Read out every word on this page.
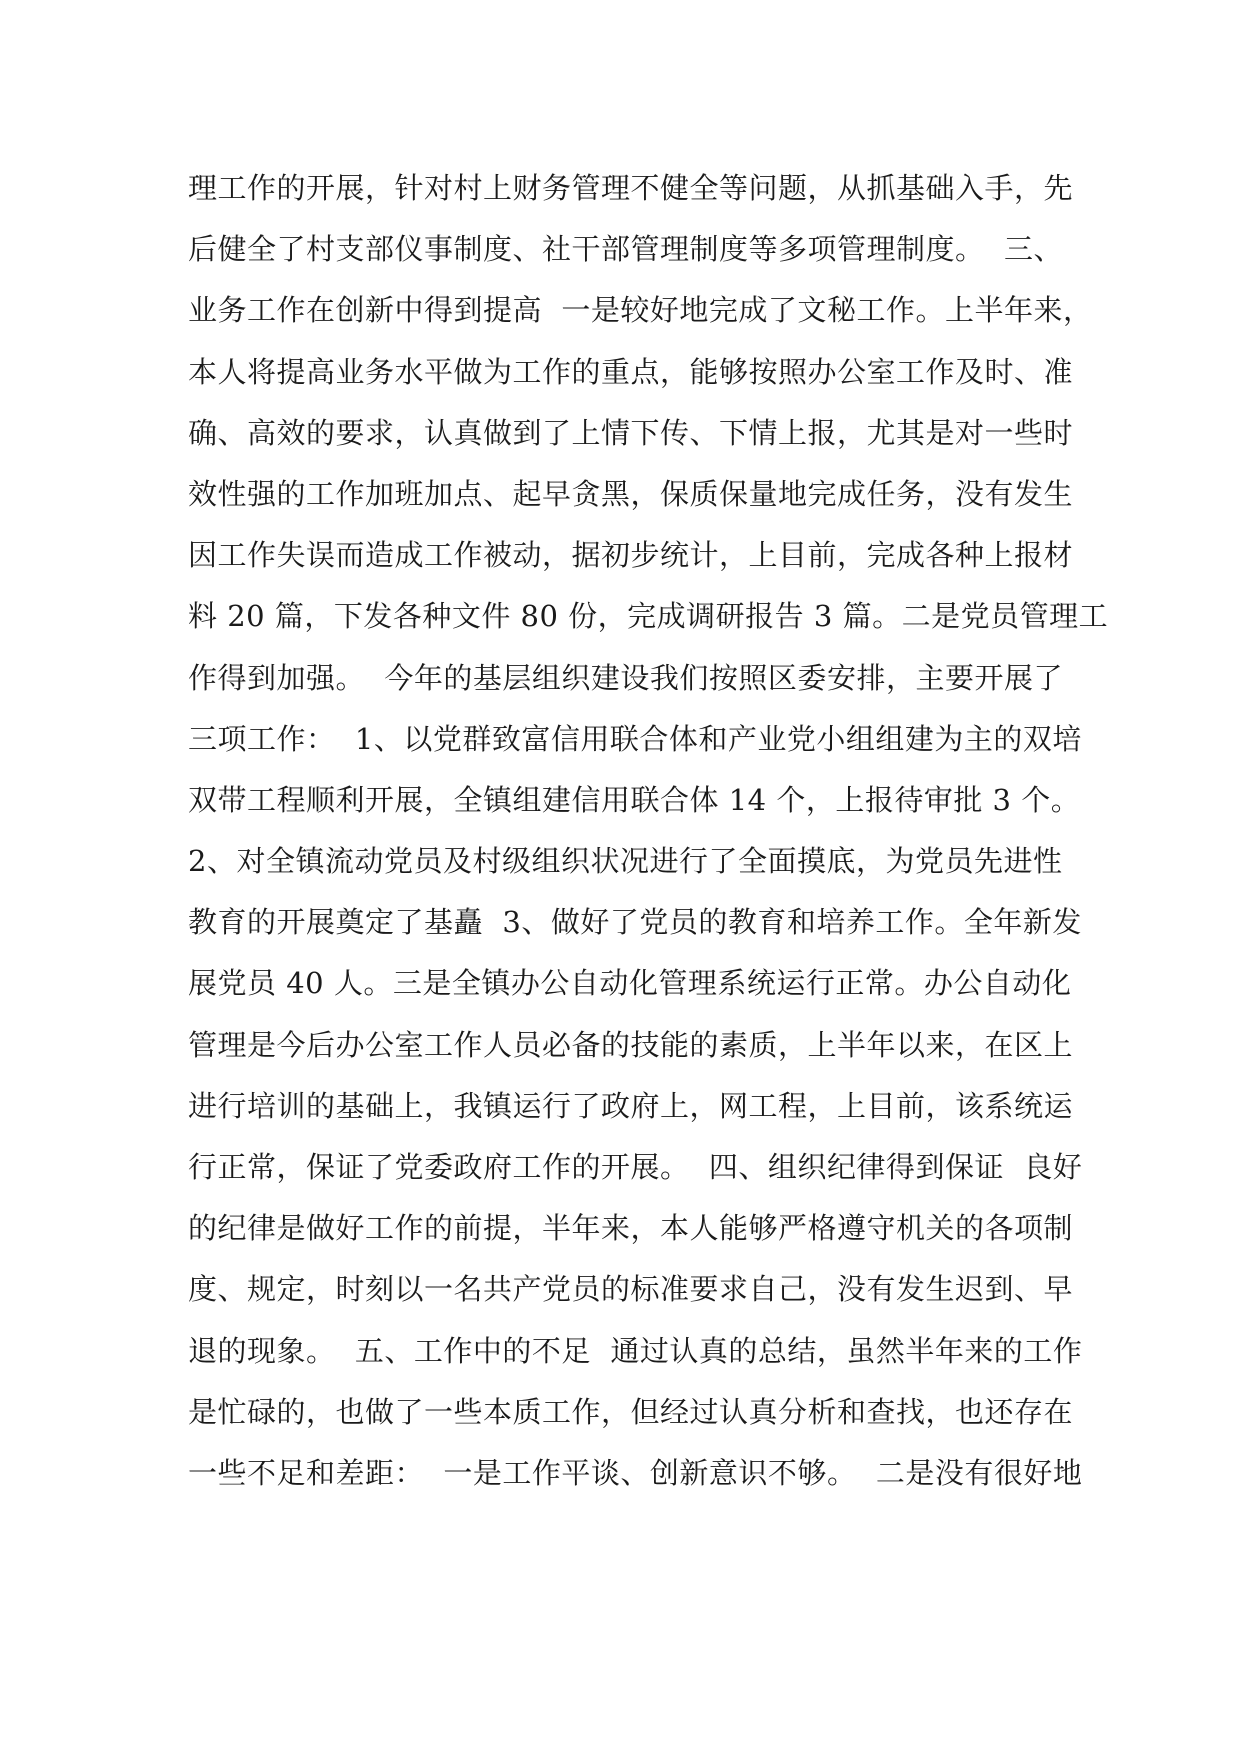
理工作的开展，针对村上财务管理不健全等问题，从抓基础入手，先
后健全了村支部仪事制度、社干部管理制度等多项管理制度。  三、
业务工作在创新中得到提高  一是较好地完成了文秘工作。上半年来，
本人将提高业务水平做为工作的重点，能够按照办公室工作及时、准
确、高效的要求，认真做到了上情下传、下情上报，尤其是对一些时
效性强的工作加班加点、起早贪黑，保质保量地完成任务，没有发生
因工作失误而造成工作被动，据初步统计，上目前，完成各种上报材
料 20 篇，下发各种文件 80 份，完成调研报告 3 篇。二是党员管理工
作得到加强。  今年的基层组织建设我们按照区委安排，主要开展了
三项工作：  1、以党群致富信用联合体和产业党小组组建为主的双培
双带工程顺利开展，全镇组建信用联合体 14 个，上报待审批 3 个。
2、对全镇流动党员及村级组织状况进行了全面摸底，为党员先进性
教育的开展奠定了基矗  3、做好了党员的教育和培养工作。全年新发
展党员 40 人。三是全镇办公自动化管理系统运行正常。办公自动化
管理是今后办公室工作人员必备的技能的素质，上半年以来，在区上
进行培训的基础上，我镇运行了政府上，网工程，上目前，该系统运
行正常，保证了党委政府工作的开展。  四、组织纪律得到保证  良好
的纪律是做好工作的前提，半年来，本人能够严格遵守机关的各项制
度、规定，时刻以一名共产党员的标准要求自己，没有发生迟到、早
退的现象。  五、工作中的不足  通过认真的总结，虽然半年来的工作
是忙碌的，也做了一些本质工作，但经过认真分析和查找，也还存在
一些不足和差距：  一是工作平谈、创新意识不够。  二是没有很好地
